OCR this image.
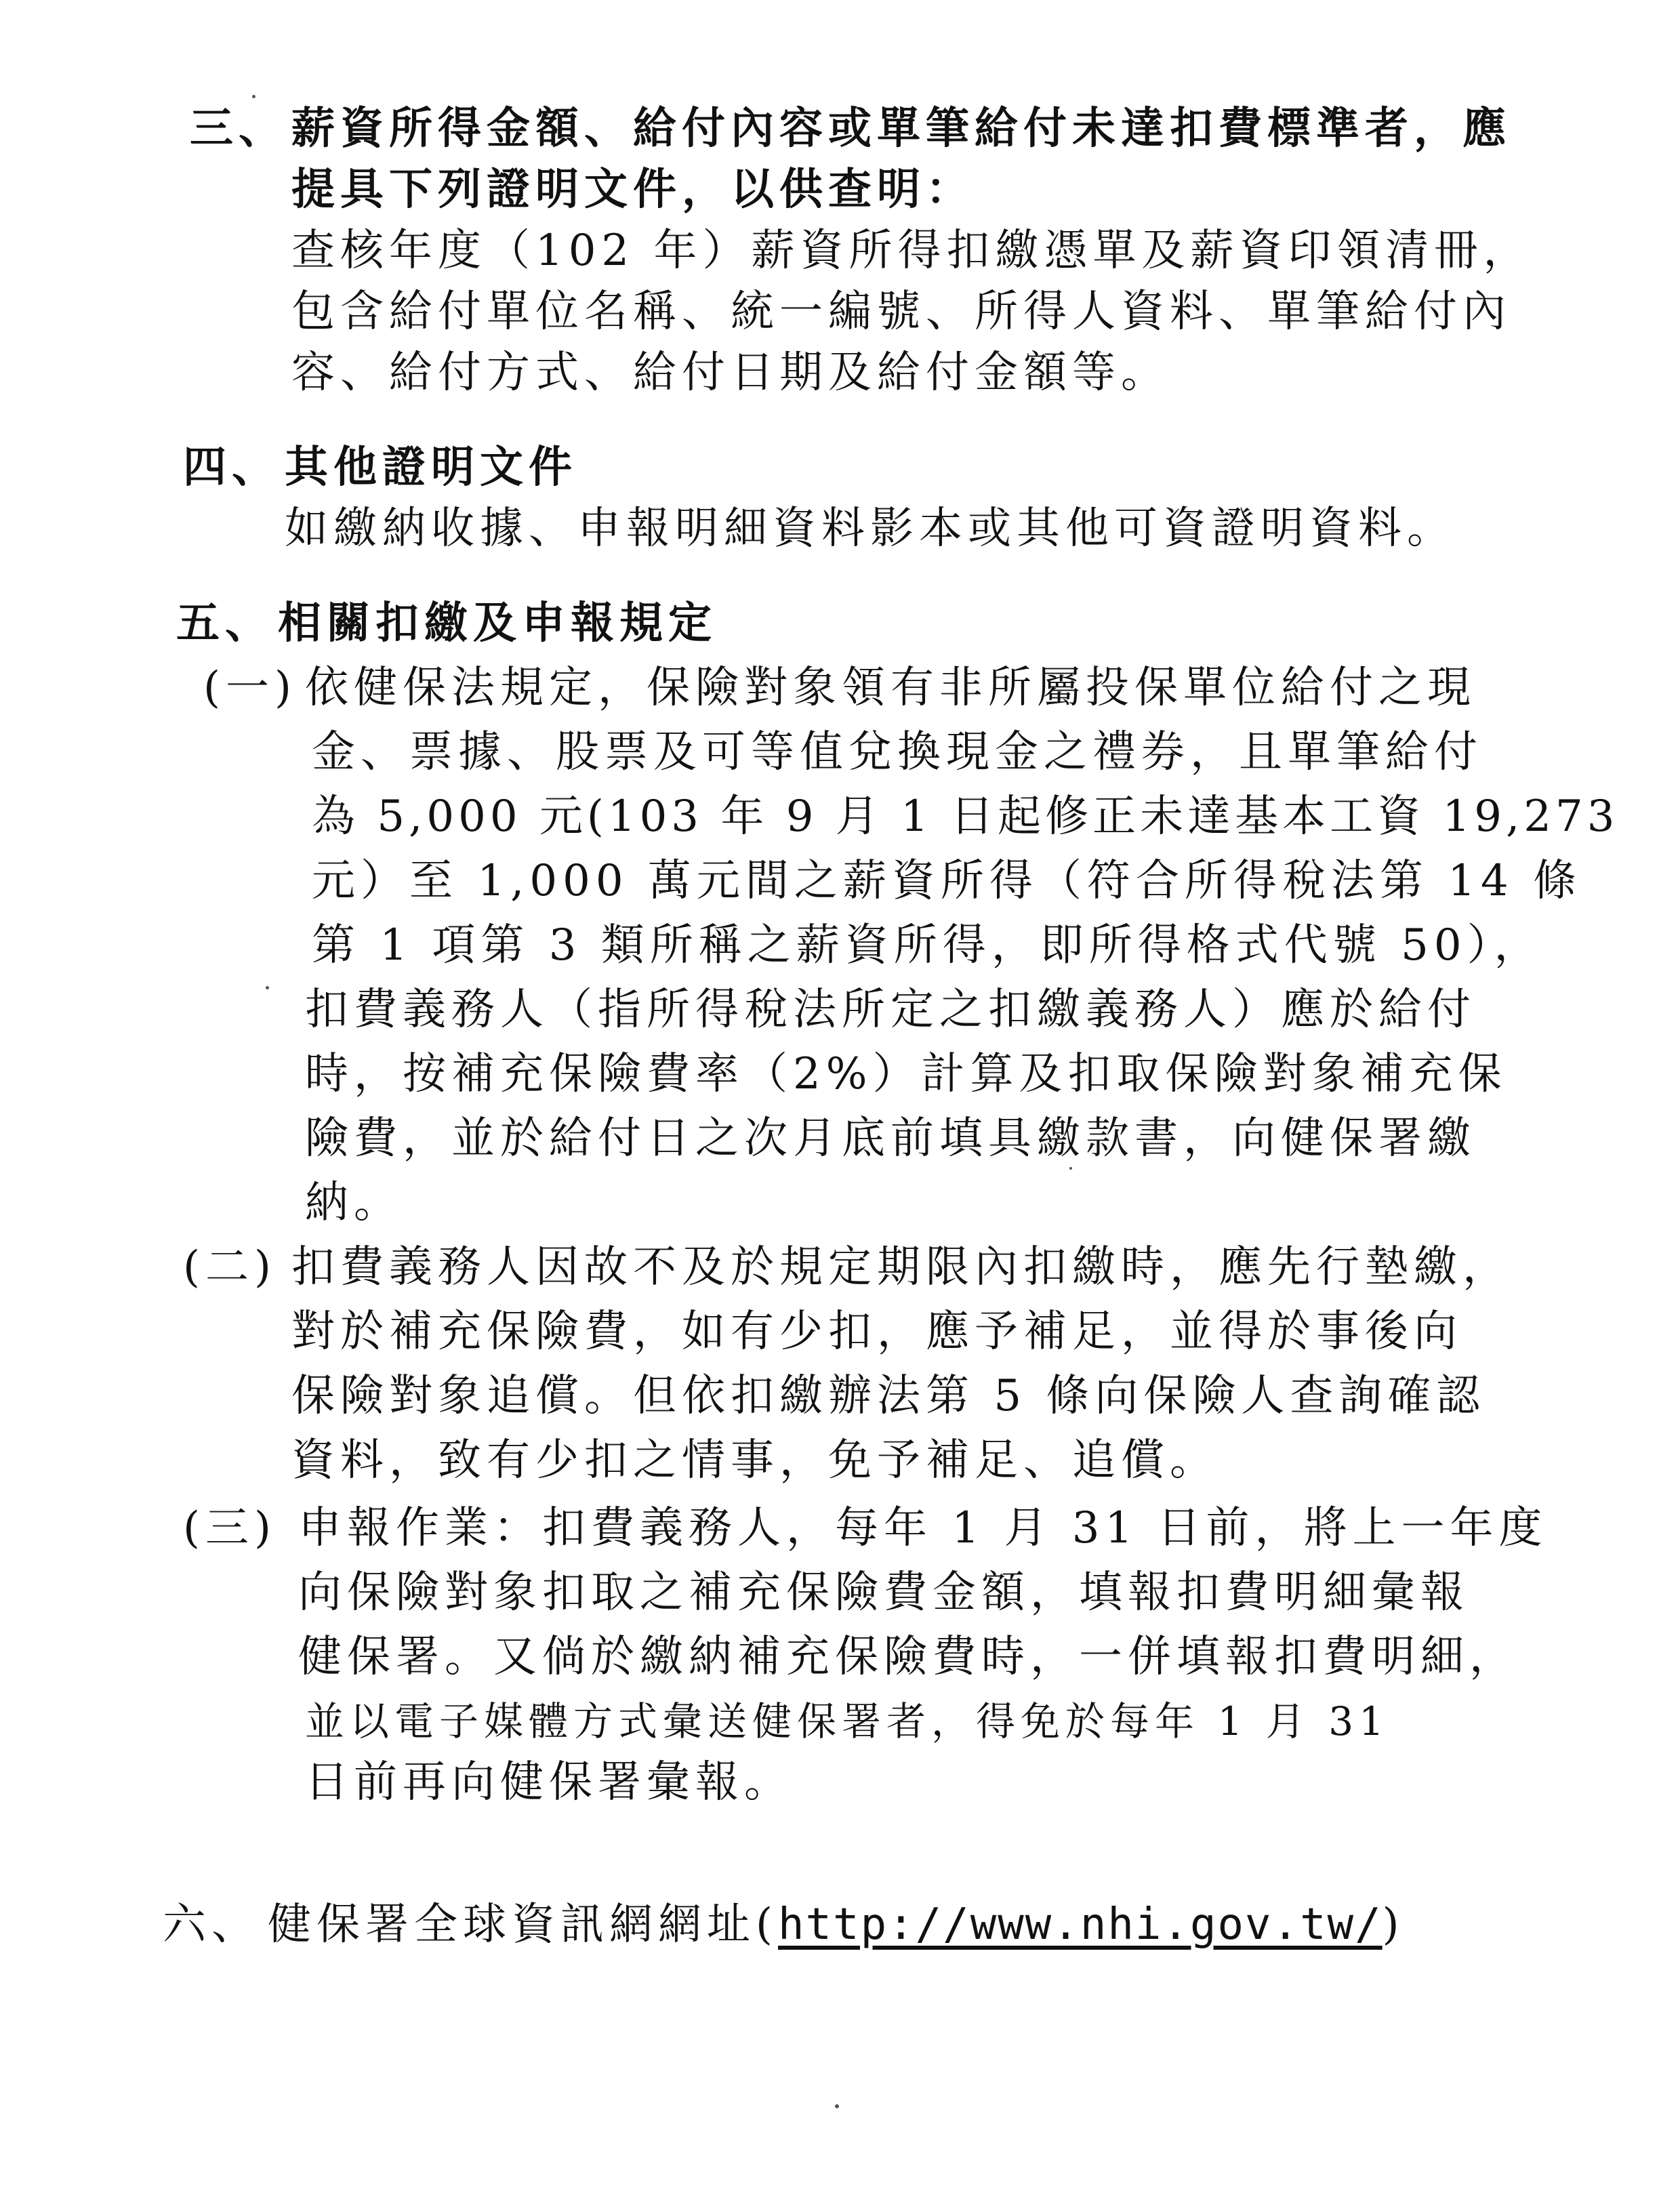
三、 薪資所得金額、給付內容或單筆給付未達扣費標準者，應
提具下列證明文件，以供查明：
查核年度（102 年）薪資所得扣繳憑單及薪資印領清冊，
包含給付單位名稱、統一編號、所得人資料、單筆給付內
容、給付方式、給付日期及給付金額等。
四、 其他證明文件
如繳納收據、申報明細資料影本或其他可資證明資料。
五、 相關扣繳及申報規定
(一) 依健保法規定，保險對象領有非所屬投保單位給付之現
金、票據、股票及可等值兌換現金之禮券，且單筆給付
為 5,000 元(103 年 9 月 1 日起修正未達基本工資 19,273
元）至 1,000 萬元間之薪資所得（符合所得稅法第 14 條
第 1 項第 3 類所稱之薪資所得，即所得格式代號 50），
扣費義務人（指所得稅法所定之扣繳義務人）應於給付
時，按補充保險費率（2%）計算及扣取保險對象補充保
險費，並於給付日之次月底前填具繳款書，向健保署繳
納。
(二) 扣費義務人因故不及於規定期限內扣繳時，應先行墊繳，
對於補充保險費，如有少扣，應予補足，並得於事後向
保險對象追償。但依扣繳辦法第 5 條向保險人查詢確認
資料，致有少扣之情事，免予補足、追償。
(三) 申報作業：扣費義務人，每年 1 月 31 日前，將上一年度
向保險對象扣取之補充保險費金額，填報扣費明細彙報
健保署。又倘於繳納補充保險費時，一併填報扣費明細，
並以電子媒體方式彙送健保署者，得免於每年 1 月 31
日前再向健保署彙報。
六、 健保署全球資訊網網址(http://www.nhi.gov.tw/)
